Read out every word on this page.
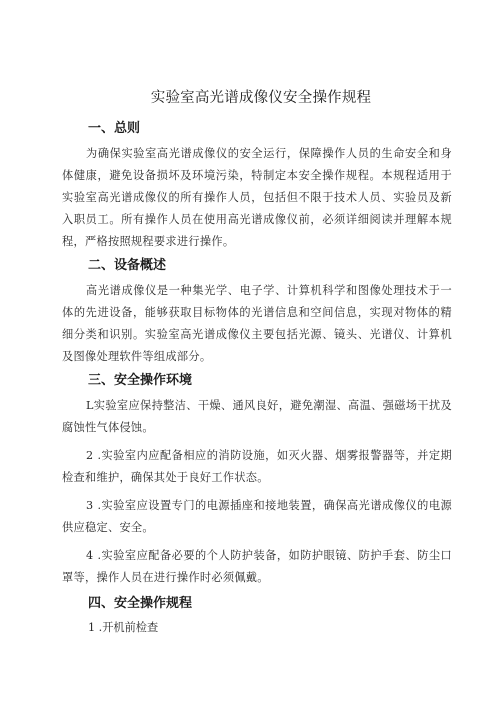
实验室高光谱成像仪安全操作规程
一、总则

为确保实验室高光谱成像仪的安全运行，保障操作人员的生命安全和身体健康，避免设备损坏及环境污染，特制定本安全操作规程。本规程适用于实验室高光谱成像仪的所有操作人员，包括但不限于技术人员、实验员及新入职员工。所有操作人员在使用高光谱成像仪前，必须详细阅读并理解本规程，严格按照规程要求进行操作。

二、设备概述

高光谱成像仪是一种集光学、电子学、计算机科学和图像处理技术于一体的先进设备，能够获取目标物体的光谱信息和空间信息，实现对物体的精细分类和识别。实验室高光谱成像仪主要包括光源、镜头、光谱仪、计算机及图像处理软件等组成部分。

三、安全操作环境

L实验室应保持整洁、干燥、通风良好，避免潮湿、高温、强磁场干扰及腐蚀性气体侵蚀。

2 .实验室内应配备相应的消防设施，如灭火器、烟雾报警器等，并定期检查和维护，确保其处于良好工作状态。

3 .实验室应设置专门的电源插座和接地装置，确保高光谱成像仪的电源供应稳定、安全。

4 .实验室应配备必要的个人防护装备，如防护眼镜、防护手套、防尘口罩等，操作人员在进行操作时必须佩戴。

四、安全操作规程
1 .开机前检查
